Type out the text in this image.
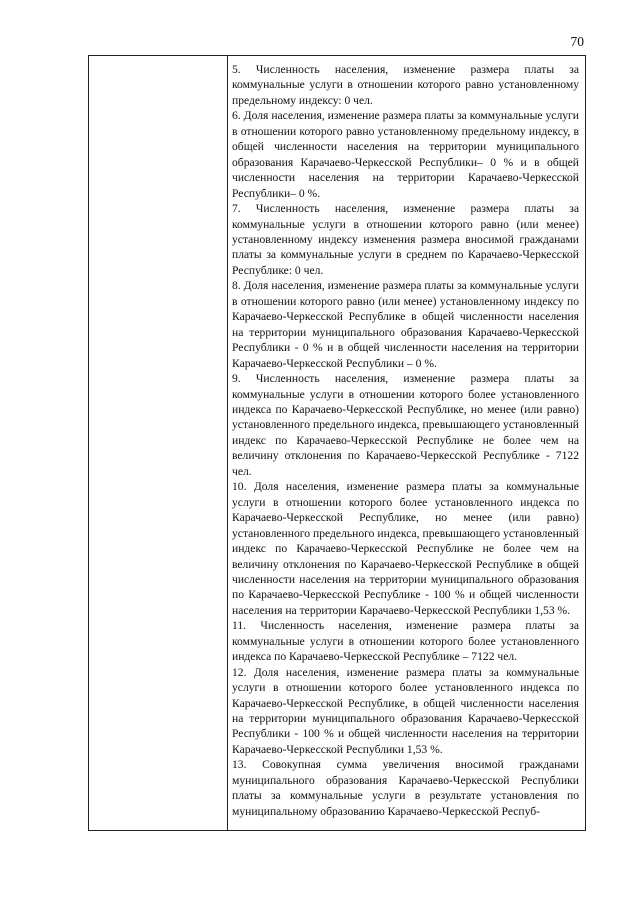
70

5. Численность населения, изменение размера платы за коммунальные услуги в отношении которого равно установленному предельному индексу: 0 чел.

6. Доля населения, изменение размера платы за коммунальные услуги в отношении которого равно установленному предельному индексу, в общей численности населения на территории муниципального образования Карачаево-Черкесской Республики– 0 % и в общей численности населения на территории Карачаево-Черкесской Республики– 0 %.

7. Численность населения, изменение размера платы за коммунальные услуги в отношении которого равно (или менее) установленному индексу изменения размера вносимой гражданами платы за коммунальные услуги в среднем по Карачаево-Черкесской Республике: 0 чел.

8. Доля населения, изменение размера платы за коммунальные услуги в отношении которого равно (или менее) установленному индексу по Карачаево-Черкесской Республике в общей численности населения на территории муниципального образования Карачаево-Черкесской Республики - 0 % и в общей численности населения на территории Карачаево-Черкесской Республики – 0 %.

9. Численность населения, изменение размера платы за коммунальные услуги в отношении которого более установленного индекса по Карачаево-Черкесской Республике, но менее (или равно) установленного предельного индекса, превышающего установленный индекс по Карачаево-Черкесской Республике не более чем на величину отклонения по Карачаево-Черкесской Республике - 7122 чел.

10. Доля населения, изменение размера платы за коммунальные услуги в отношении которого более установленного индекса по Карачаево-Черкесской Республике, но менее (или равно) установленного предельного индекса, превышающего установленный индекс по Карачаево-Черкесской Республике не более чем на величину отклонения по Карачаево-Черкесской Республике в общей численности населения на территории муниципального образования по Карачаево-Черкесской Республике - 100 % и общей численности населения на территории Карачаево-Черкесской Республики 1,53 %.

11. Численность населения, изменение размера платы за коммунальные услуги в отношении которого более установленного индекса по Карачаево-Черкесской Республике – 7122 чел.

12. Доля населения, изменение размера платы за коммунальные услуги в отношении которого более установленного индекса по Карачаево-Черкесской Республике, в общей численности населения на территории муниципального образования Карачаево-Черкесской Республики - 100 % и общей численности населения на территории Карачаево-Черкесской Республики 1,53 %.

13. Совокупная сумма увеличения вносимой гражданами муниципального образования Карачаево-Черкесской Республики платы за коммунальные услуги в результате установления по муниципальному образованию Карачаево-Черкесской Респуб-
